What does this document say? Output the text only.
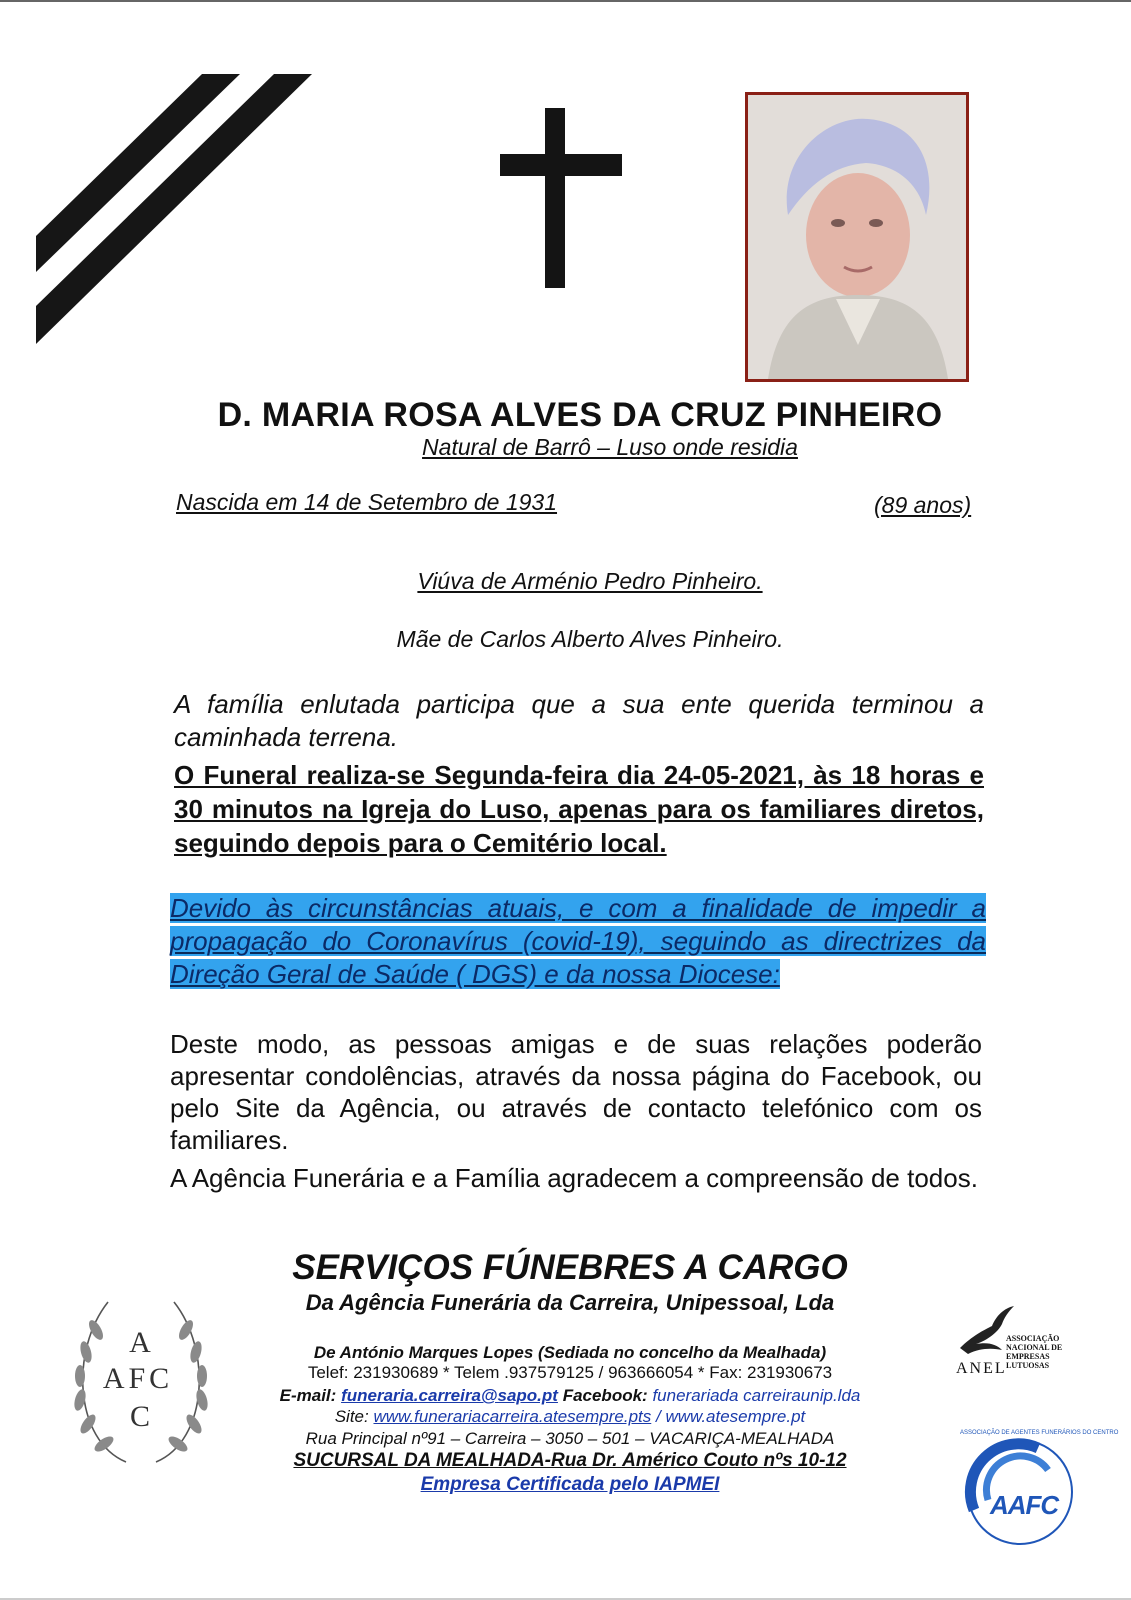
D. MARIA ROSA ALVES DA CRUZ PINHEIRO
Natural de Barrô – Luso onde residia
Nascida em 14 de Setembro de 1931	(89 anos)
Viúva de Arménio Pedro Pinheiro.
Mãe de Carlos Alberto Alves Pinheiro.
A família enlutada participa que a sua ente querida terminou a caminhada terrena.
O Funeral realiza-se Segunda-feira dia 24-05-2021, às 18 horas e 30 minutos na Igreja do Luso, apenas para os familiares diretos, seguindo depois para o Cemitério local.
Devido às circunstâncias atuais, e com a finalidade de impedir a propagação do Coronavírus (covid-19), seguindo as directrizes da Direção Geral de Saúde ( DGS) e da nossa Diocese:
Deste modo, as pessoas amigas e de suas relações poderão apresentar condolências, através da nossa página do Facebook, ou pelo Site da Agência, ou através de contacto telefónico com os familiares.
A Agência Funerária e a Família agradecem a compreensão de todos.
SERVIÇOS FÚNEBRES A CARGO
Da Agência Funerária da Carreira, Unipessoal, Lda
De António Marques Lopes (Sediada no concelho da Mealhada)
Telef: 231930689 * Telem .937579125 / 963666054 * Fax: 231930673
E-mail: funeraria.carreira@sapo.pt Facebook: funerariada carreiraunip.lda
Site: www.funerariacarreira.atesempre.pts / www.atesempre.pt
Rua Principal nº91 – Carreira – 3050 – 501 – VACARIÇA-MEALHADA
SUCURSAL DA MEALHADA-Rua Dr. Américo Couto nºs 10-12
Empresa Certificada pelo IAPMEI
A
AFC
C
ASSOCIAÇÃO
NACIONAL DE
EMPRESAS
LUTUOSAS
ANEL
AAFC
ASSOCIAÇÃO DE AGENTES FUNERÁRIOS DO CENTRO
